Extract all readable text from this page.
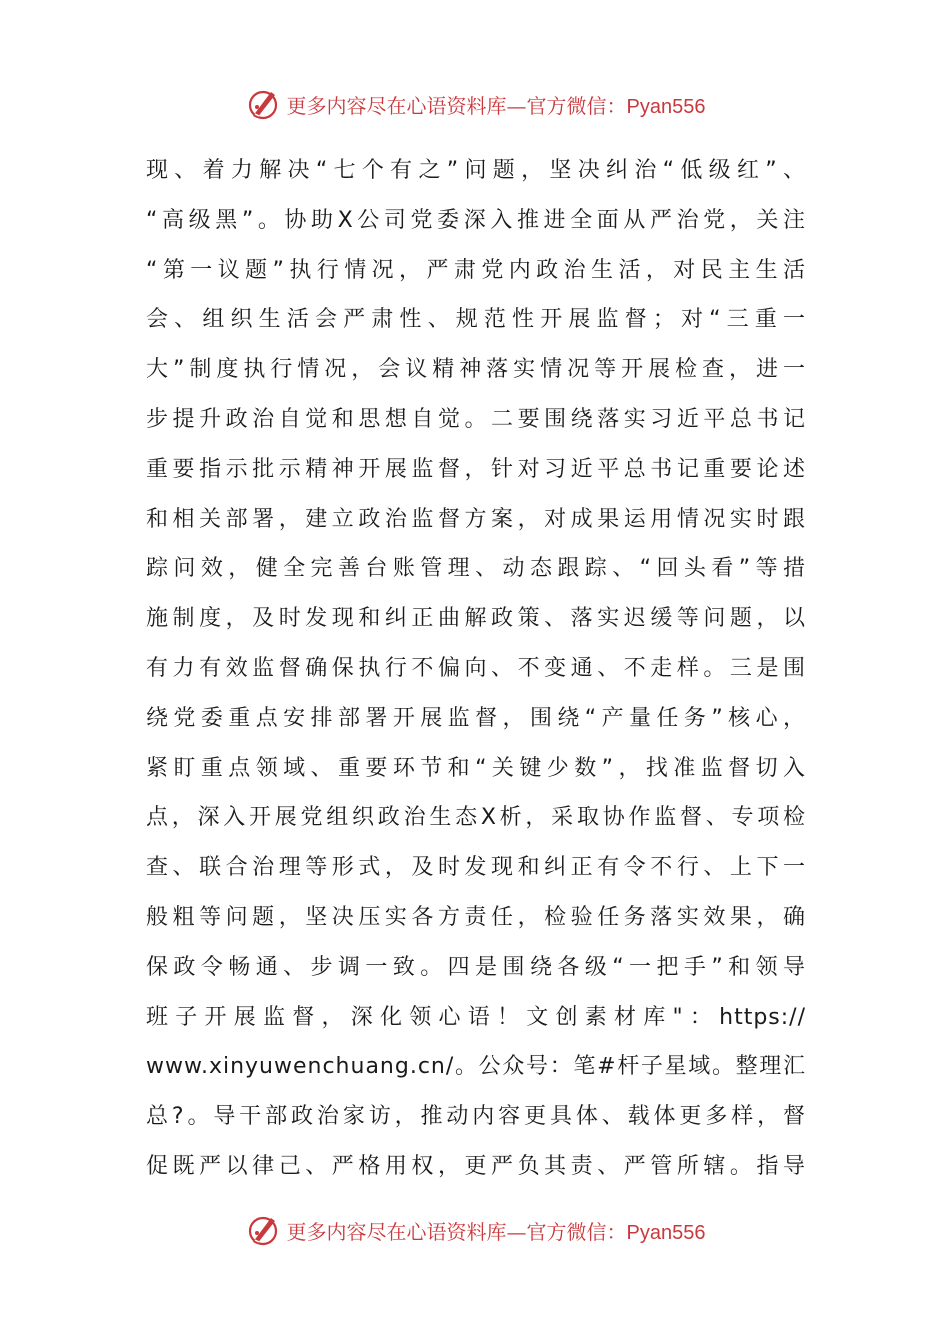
更多内容尽在心语资料库—官方微信：Pyan556
现、着力解决“七个有之”问题，坚决纠治“低级红”、
“高级黑”。协助X公司党委深入推进全面从严治党，关注
“第一议题”执行情况，严肃党内政治生活，对民主生活
会、组织生活会严肃性、规范性开展监督；对“三重一
大”制度执行情况，会议精神落实情况等开展检查，进一
步提升政治自觉和思想自觉。二要围绕落实习近平总书记
重要指示批示精神开展监督，针对习近平总书记重要论述
和相关部署，建立政治监督方案，对成果运用情况实时跟
踪问效，健全完善台账管理、动态跟踪、“回头看”等措
施制度，及时发现和纠正曲解政策、落实迟缓等问题，以
有力有效监督确保执行不偏向、不变通、不走样。三是围
绕党委重点安排部署开展监督，围绕“产量任务”核心，
紧盯重点领域、重要环节和“关键少数”，找准监督切入
点，深入开展党组织政治生态X析，采取协作监督、专项检
查、联合治理等形式，及时发现和纠正有令不行、上下一
般粗等问题，坚决压实各方责任，检验任务落实效果，确
保政令畅通、步调一致。四是围绕各级“一把手”和领导
班子开展监督，深化领心语！文创素材库"：https://
www.xinyuwenchuang.cn/。公众号：笔#杆子星域。整理汇
总?。导干部政治家访，推动内容更具体、载体更多样，督
促既严以律己、严格用权，更严负其责、严管所辖。指导
更多内容尽在心语资料库—官方微信：Pyan556
